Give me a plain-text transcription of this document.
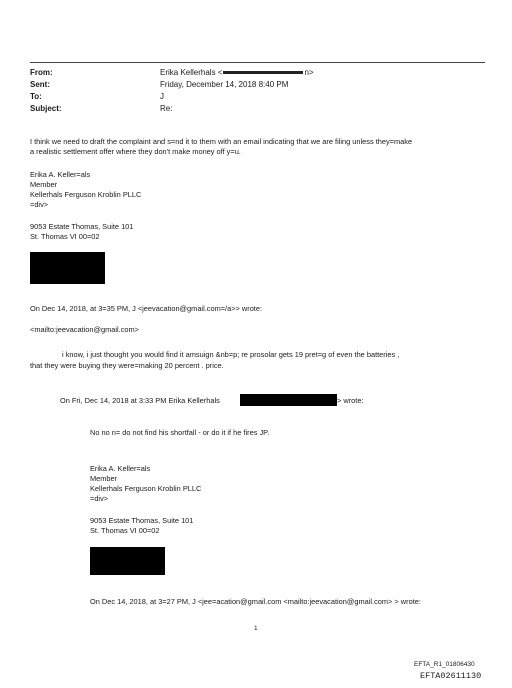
From:	Erika Kellerhals <	n>
Sent:	Friday, December 14, 2018 8:40 PM
To:	J
Subject:	Re:
I think we need to draft the complaint and s=nd it to them with an email indicating that we are filing unless they=make
a realistic settlement offer where they don't make money off y=u.
Erika A. Keller=als
Member
Kellerhals Ferguson Kroblin PLLC
=div>
9053 Estate Thomas, Suite 101
St. Thomas VI 00=02
On Dec 14, 2018, at 3=35 PM, J <jeevacation@gmail.com=/a>> wrote:
<mailto:jeevacation@gmail.com>
i know, i just thought you would find it amsuign &nb=p; re prosolar gets 19 pret=g of even the batteries ,
that they were buying they were=making 20 percent . price.
On Fri, Dec 14, 2018 at 3:33 PM Erika Kellerhals	> wrote:
No no n= do not find his shortfall - or do it if he fires JP.
Erika A. Keller=als
Member
Kellerhals Ferguson Kroblin PLLC
=div>
9053 Estate Thomas, Suite 101
St. Thomas VI 00=02
On Dec 14, 2018, at 3=27 PM, J <jee=acation@gmail.com <mailto:jeevacation@gmail.com> > wrote:
1
EFTA_R1_01806430
EFTA02611130
